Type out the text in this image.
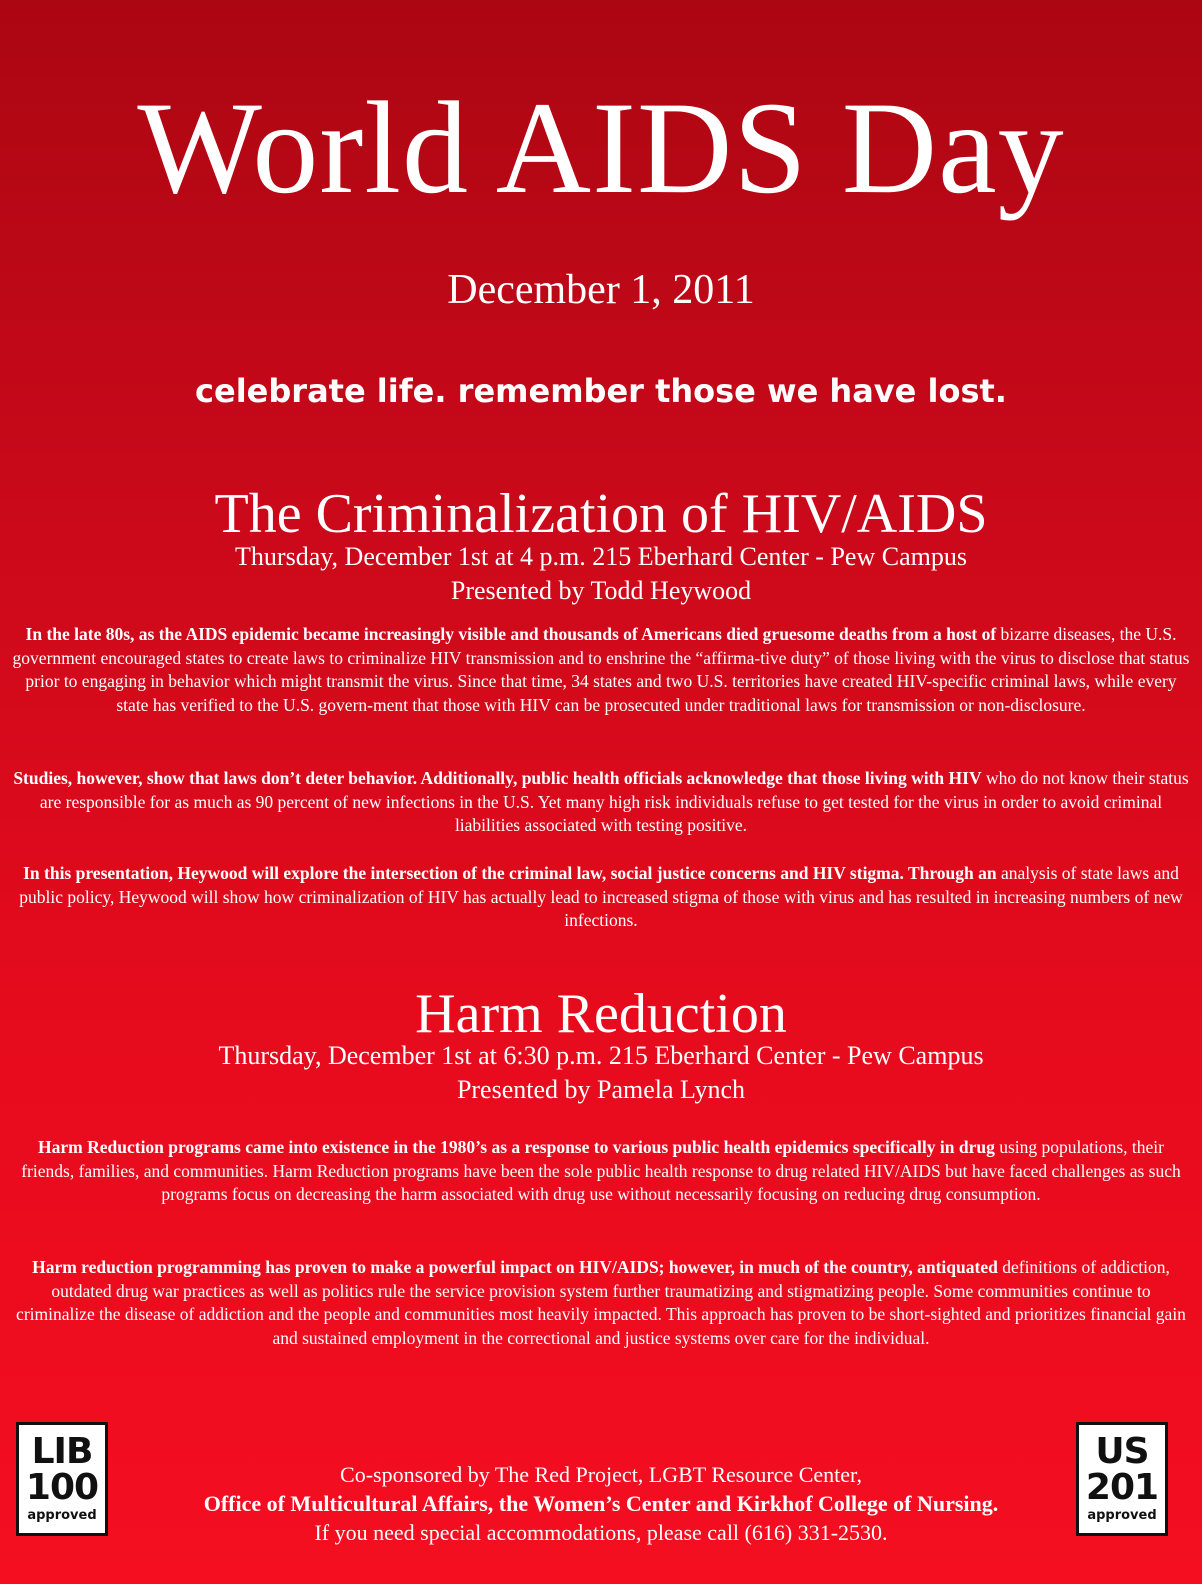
World AIDS Day
December 1, 2011
celebrate life. remember those we have lost.
The Criminalization of HIV/AIDS
Thursday, December 1st at 4 p.m. 215 Eberhard Center - Pew Campus
Presented by Todd Heywood
In the late 80s, as the AIDS epidemic became increasingly visible and thousands of Americans died gruesome deaths from a host of bizarre diseases, the U.S. government encouraged states to create laws to criminalize HIV transmission and to enshrine the “affirma-tive duty” of those living with the virus to disclose that status prior to engaging in behavior which might transmit the virus. Since that time, 34 states and two U.S. territories have created HIV-specific criminal laws, while every state has verified to the U.S. govern-ment that those with HIV can be prosecuted under traditional laws for transmission or non-disclosure.
Studies, however, show that laws don’t deter behavior. Additionally, public health officials acknowledge that those living with HIV who do not know their status are responsible for as much as 90 percent of new infections in the U.S. Yet many high risk individuals refuse to get tested for the virus in order to avoid criminal liabilities associated with testing positive.
In this presentation, Heywood will explore the intersection of the criminal law, social justice concerns and HIV stigma. Through an analysis of state laws and public policy, Heywood will show how criminalization of HIV has actually lead to increased stigma of those with virus and has resulted in increasing numbers of new infections.
Harm Reduction
Thursday, December 1st at 6:30 p.m. 215 Eberhard Center - Pew Campus
Presented by Pamela Lynch
Harm Reduction programs came into existence in the 1980’s as a response to various public health epidemics specifically in drug using populations, their friends, families, and communities. Harm Reduction programs have been the sole public health response to drug related HIV/AIDS but have faced challenges as such programs focus on decreasing the harm associated with drug use without necessarily focusing on reducing drug consumption.
Harm reduction programming has proven to make a powerful impact on HIV/AIDS; however, in much of the country, antiquated definitions of addiction, outdated drug war practices as well as politics rule the service provision system further traumatizing and stigmatizing people. Some communities continue to criminalize the disease of addiction and the people and communities most heavily impacted. This approach has proven to be short-sighted and prioritizes financial gain and sustained employment in the correctional and justice systems over care for the individual.
LIB
100
approved
US
201
approved
Co-sponsored by The Red Project, LGBT Resource Center,
Office of Multicultural Affairs, the Women’s Center and Kirkhof College of Nursing.
If you need special accommodations, please call (616) 331-2530.
